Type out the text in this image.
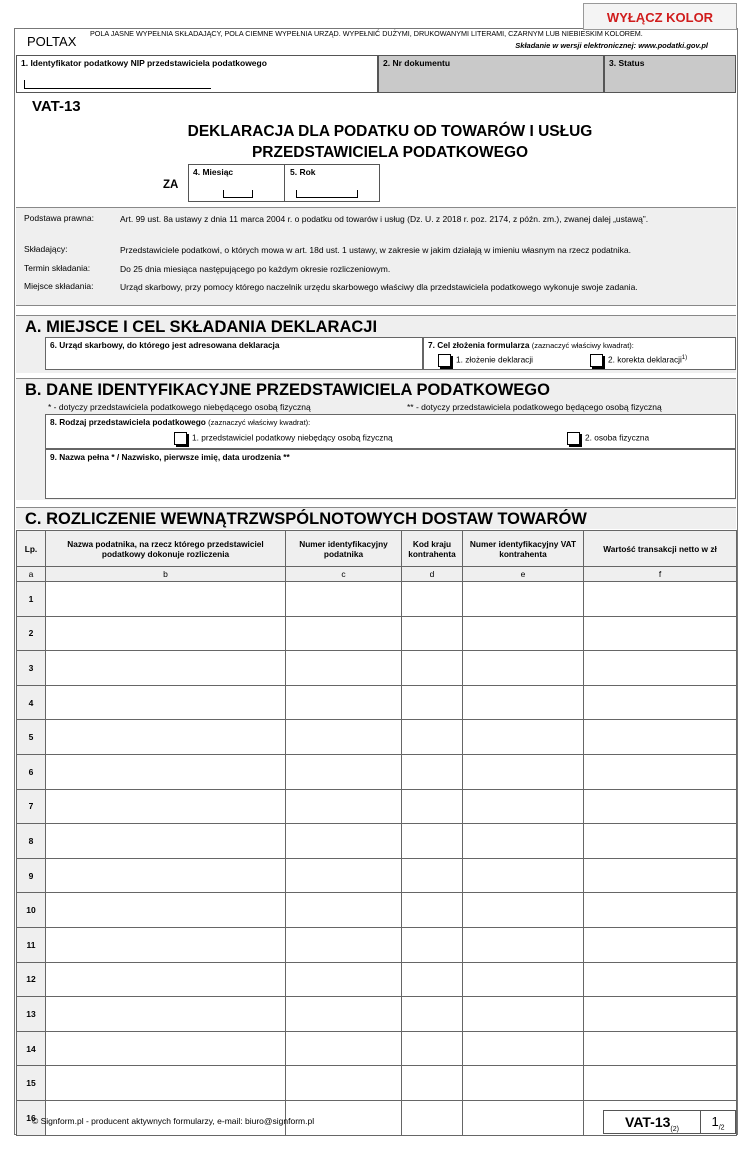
WYŁĄCZ KOLOR
POLTAX
POLA JASNE WYPEŁNIA SKŁADAJĄCY, POLA CIEMNE WYPEŁNIA URZĄD. WYPEŁNIĆ DUŻYMI, DRUKOWANYMI LITERAMI, CZARNYM LUB NIEBIESKIM KOLOREM.
Składanie w wersji elektronicznej: www.podatki.gov.pl
1. Identyfikator podatkowy NIP przedstawiciela podatkowego	2. Nr dokumentu	3. Status
VAT-13
DEKLARACJA DLA PODATKU OD TOWARÓW I USŁUG
PRZEDSTAWICIELA PODATKOWEGO
ZA
4. Miesiąc	5. Rok
Podstawa prawna:	Art. 99 ust. 8a ustawy z dnia 11 marca 2004 r. o podatku od towarów i usług (Dz. U. z 2018 r. poz. 2174, z późn. zm.), zwanej dalej „ustawą”.
Składający:	Przedstawiciele podatkowi, o których mowa w art. 18d ust. 1 ustawy, w zakresie w jakim działają w imieniu własnym na rzecz podatnika.
Termin składania:	Do 25 dnia miesiąca następującego po każdym okresie rozliczeniowym.
Miejsce składania:	Urząd skarbowy, przy pomocy którego naczelnik urzędu skarbowego właściwy dla przedstawiciela podatkowego wykonuje swoje zadania.
A. MIEJSCE I CEL SKŁADANIA DEKLARACJI
6. Urząd skarbowy, do którego jest adresowana deklaracja	7. Cel złożenia formularza (zaznaczyć właściwy kwadrat):
1. złożenie deklaracji	2. korekta deklaracji$^{1)}$
B. DANE IDENTYFIKACYJNE PRZEDSTAWICIELA PODATKOWEGO
* - dotyczy przedstawiciela podatkowego niebędącego osobą fizyczną	** - dotyczy przedstawiciela podatkowego będącego osobą fizyczną
8. Rodzaj przedstawiciela podatkowego (zaznaczyć właściwy kwadrat):
1. przedstawiciel podatkowy niebędący osobą fizyczną	2. osoba fizyczna
9. Nazwa pełna * / Nazwisko, pierwsze imię, data urodzenia **
C. ROZLICZENIE WEWNĄTRZWSPÓLNOTOWYCH DOSTAW TOWARÓW
Lp.	Nazwa podatnika, na rzecz którego przedstawiciel podatkowy dokonuje rozliczenia	Numer identyfikacyjny podatnika	Kod kraju kontrahenta	Numer identyfikacyjny VAT kontrahenta	Wartość transakcji netto w zł
a	b	c	d	e	f
1					
2					
3					
4					
5					
6					
7					
8					
9					
10					
11					
12					
13					
14					
15					
16					
© Signform.pl - producent aktywnych formularzy, e-mail: biuro@signform.pl	VAT-$13_{(2)}$
$1_{/2}$
